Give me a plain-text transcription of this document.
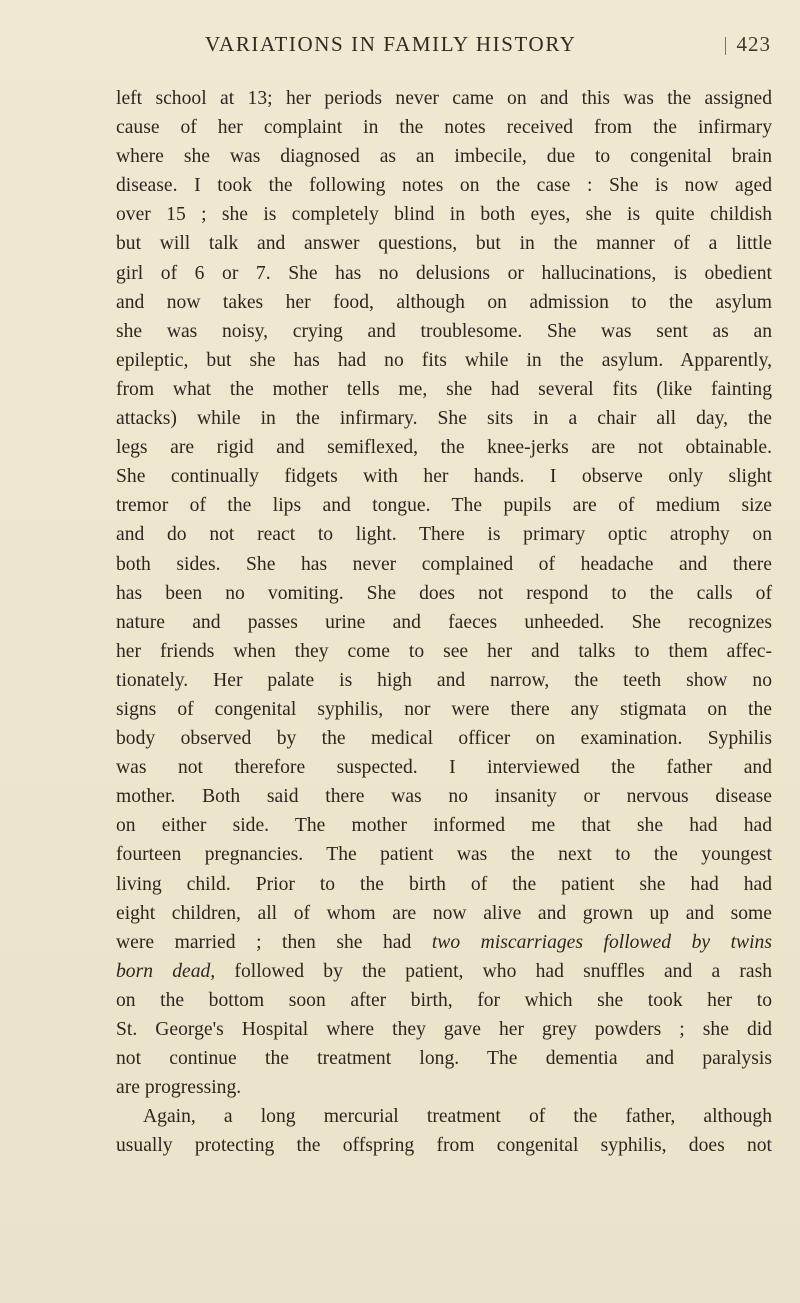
VARIATIONS IN FAMILY HISTORY	423
left school at 13; her periods never came on and this was the assigned
cause of her complaint in the notes received from the infirmary
where she was diagnosed as an imbecile, due to congenital brain
disease. I took the following notes on the case : She is now aged
over 15 ; she is completely blind in both eyes, she is quite childish
but will talk and answer questions, but in the manner of a little
girl of 6 or 7. She has no delusions or hallucinations, is obedient
and now takes her food, although on admission to the asylum
she was noisy, crying and troublesome. She was sent as an
epileptic, but she has had no fits while in the asylum. Apparently,
from what the mother tells me, she had several fits (like fainting
attacks) while in the infirmary. She sits in a chair all day, the
legs are rigid and semiflexed, the knee-jerks are not obtainable.
She continually fidgets with her hands. I observe only slight
tremor of the lips and tongue. The pupils are of medium size
and do not react to light. There is primary optic atrophy on
both sides. She has never complained of headache and there
has been no vomiting. She does not respond to the calls of
nature and passes urine and faeces unheeded. She recognizes
her friends when they come to see her and talks to them affec-
tionately. Her palate is high and narrow, the teeth show no
signs of congenital syphilis, nor were there any stigmata on the
body observed by the medical officer on examination. Syphilis
was not therefore suspected. I interviewed the father and
mother. Both said there was no insanity or nervous disease
on either side. The mother informed me that she had had
fourteen pregnancies. The patient was the next to the youngest
living child. Prior to the birth of the patient she had had
eight children, all of whom are now alive and grown up and some
were married ; then she had two miscarriages followed by twins
born dead, followed by the patient, who had snuffles and a rash
on the bottom soon after birth, for which she took her to
St. George's Hospital where they gave her grey powders ; she did
not continue the treatment long. The dementia and paralysis
are progressing.
Again, a long mercurial treatment of the father, although
usually protecting the offspring from congenital syphilis, does not
